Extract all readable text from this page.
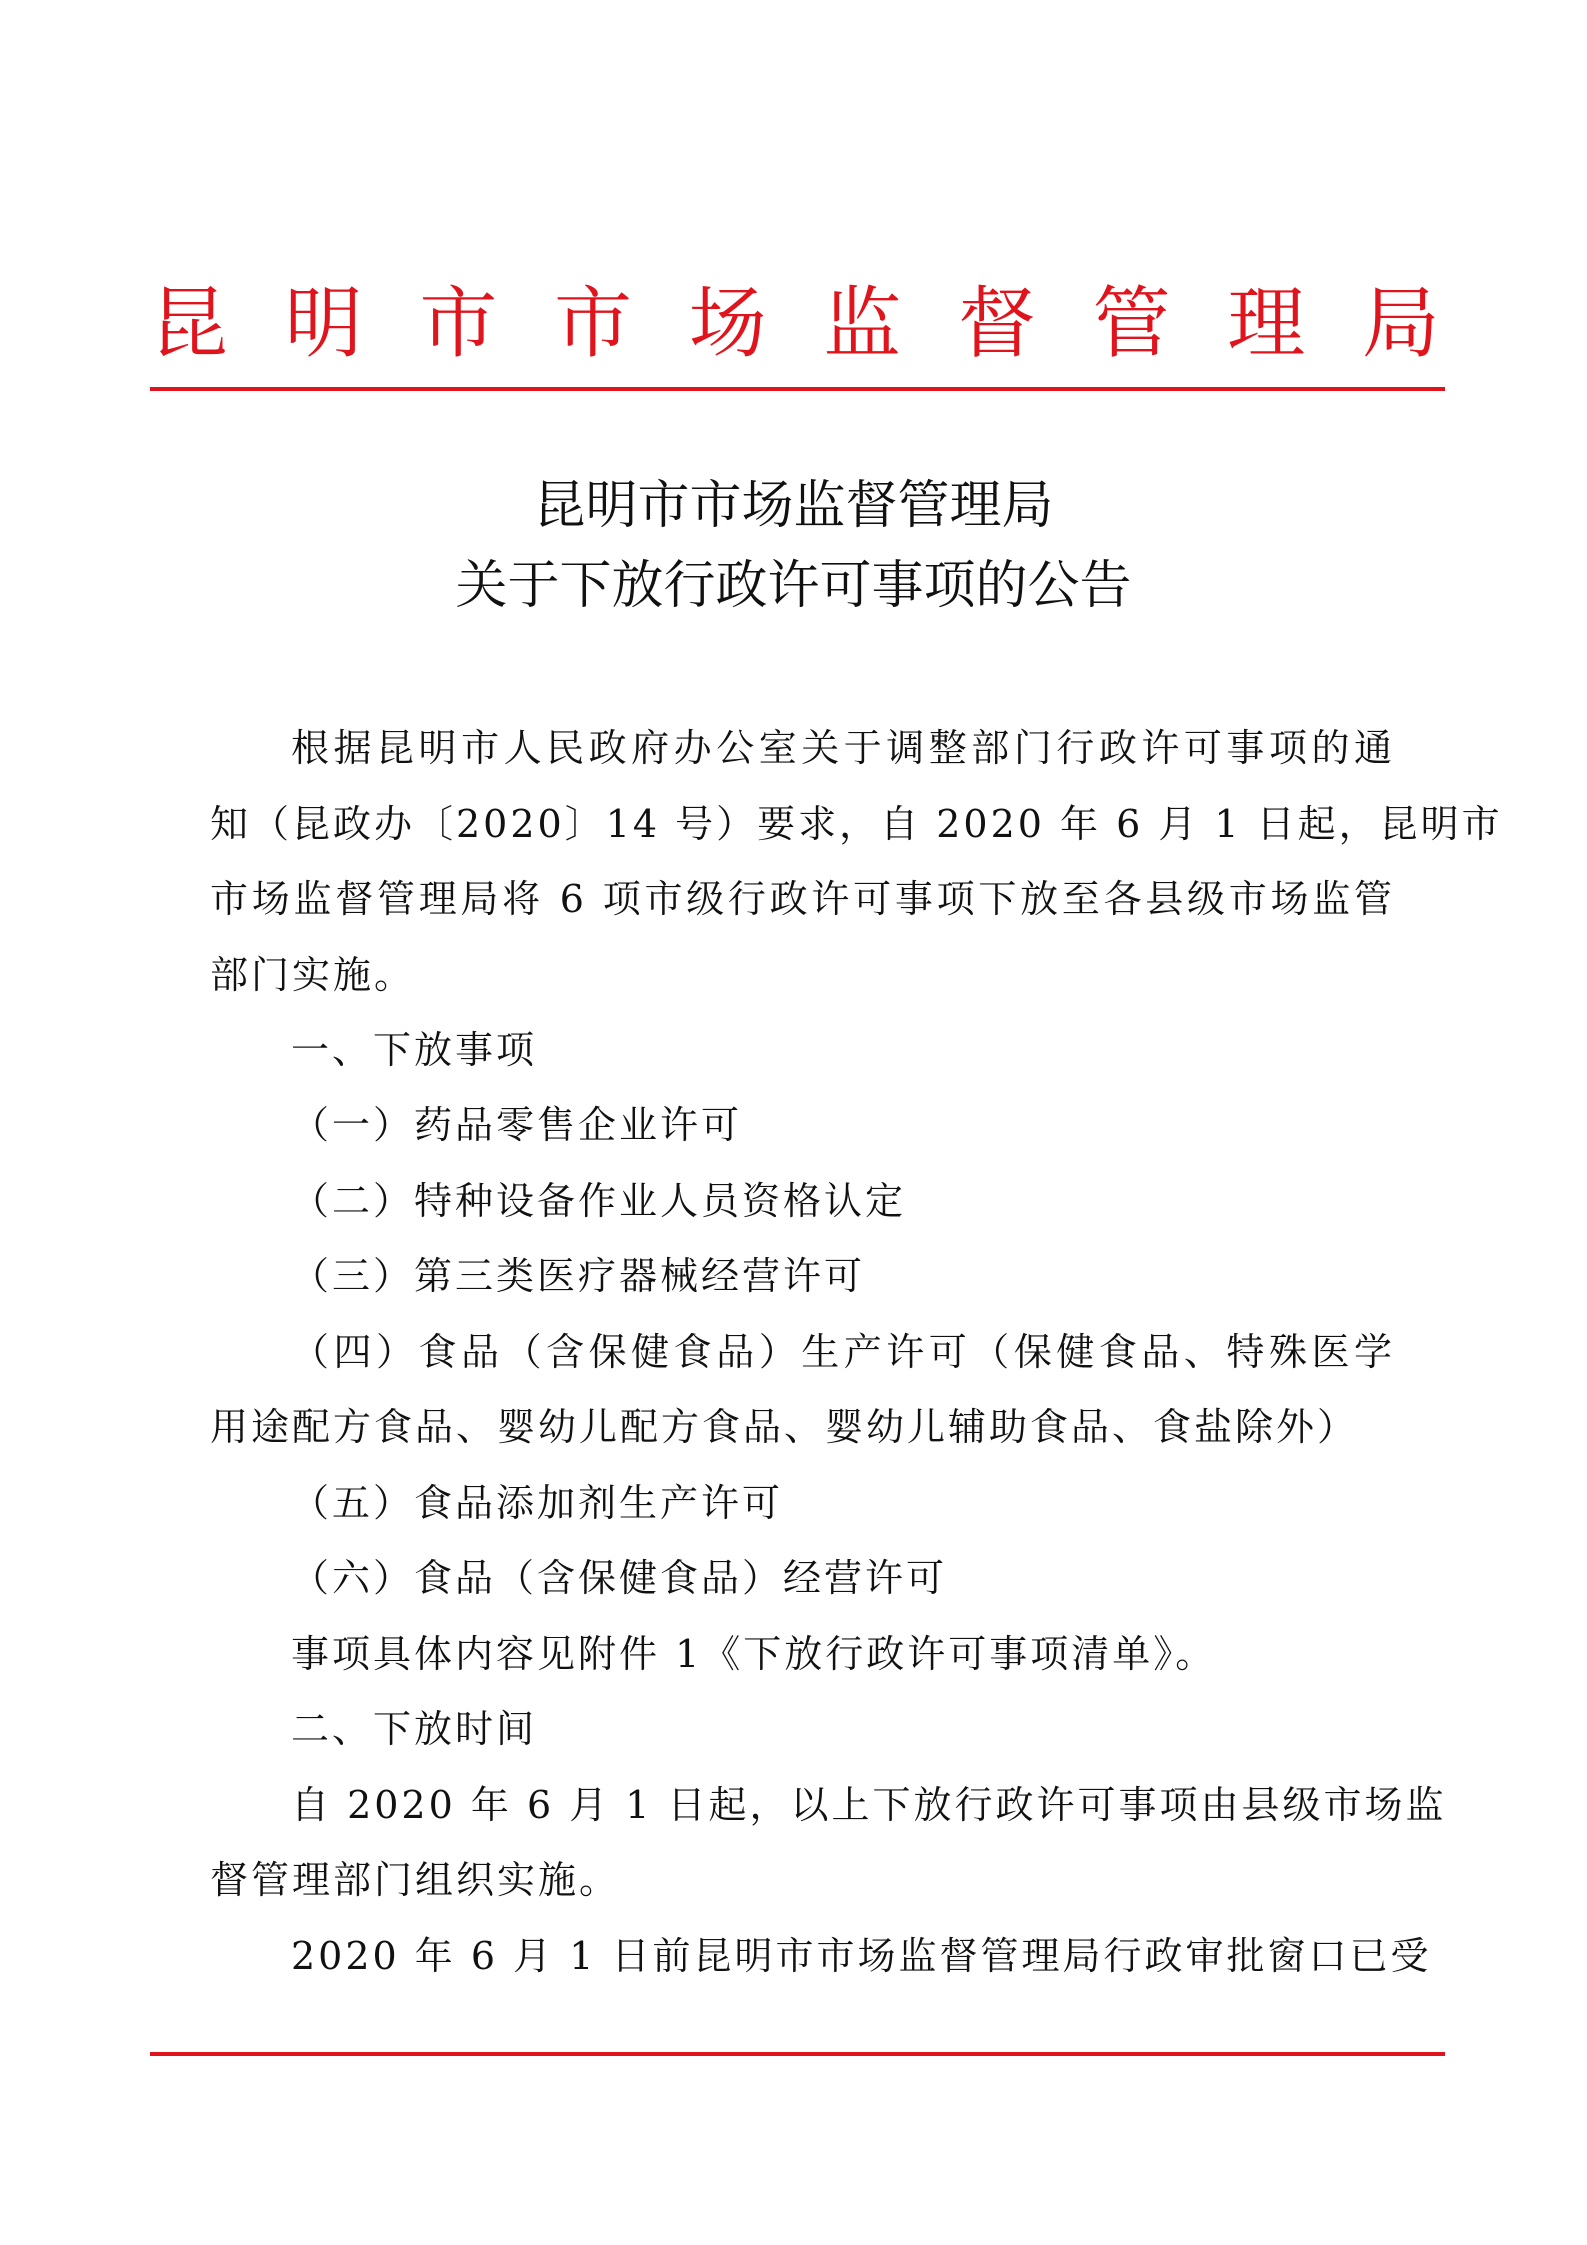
昆 明 市 市 场 监 督 管 理 局
昆明市市场监督管理局
关于下放行政许可事项的公告
根据昆明市人民政府办公室关于调整部门行政许可事项的通
知（昆政办〔2020〕14 号）要求，自 2020 年 6 月 1 日起，昆明市
市场监督管理局将 6 项市级行政许可事项下放至各县级市场监管
部门实施。
一、下放事项
（一）药品零售企业许可
（二）特种设备作业人员资格认定
（三）第三类医疗器械经营许可
（四）食品（含保健食品）生产许可（保健食品、特殊医学
用途配方食品、婴幼儿配方食品、婴幼儿辅助食品、食盐除外）
（五）食品添加剂生产许可
（六）食品（含保健食品）经营许可
事项具体内容见附件 1《下放行政许可事项清单》。
二、下放时间
自 2020 年 6 月 1 日起，以上下放行政许可事项由县级市场监
督管理部门组织实施。
2020 年 6 月 1 日前昆明市市场监督管理局行政审批窗口已受
